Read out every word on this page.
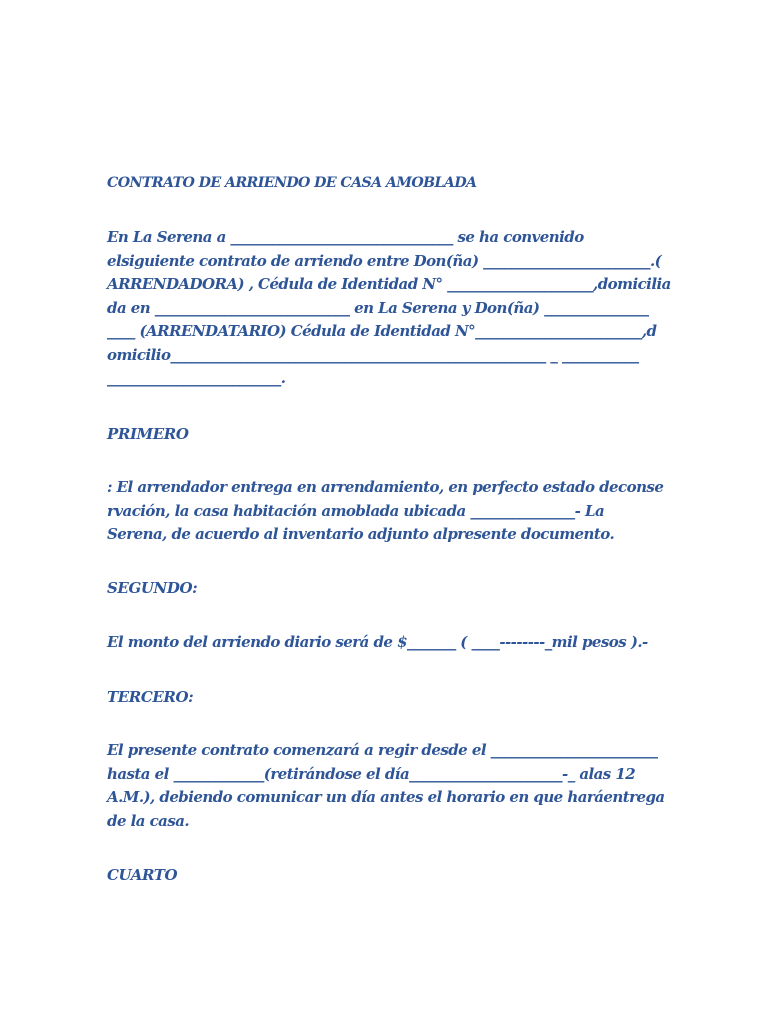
CONTRATO DE ARRIENDO DE CASA AMOBLADA
En La Serena a ________________________________ se ha convenido
elsiguiente contrato de arriendo entre Don(ña) ________________________.(
ARRENDADORA) , Cédula de Identidad N° _____________________,domicilia
da en ____________________________ en La Serena y Don(ña) _______________
____ (ARRENDATARIO) Cédula de Identidad N°________________________,d
omicilio______________________________________________________ _ ___________
_________________________.
PRIMERO
: El arrendador entrega en arrendamiento, en perfecto estado deconse
rvación, la casa habitación amoblada ubicada _______________- La
Serena, de acuerdo al inventario adjunto alpresente documento.
SEGUNDO:
El monto del arriendo diario será de $_______ ( ____--------_mil pesos ).-
TERCERO:
El presente contrato comenzará a regir desde el ________________________
hasta el _____________(retirándose el día______________________-_ alas 12
A.M.), debiendo comunicar un día antes el horario en que haráentrega
de la casa.
CUARTO
